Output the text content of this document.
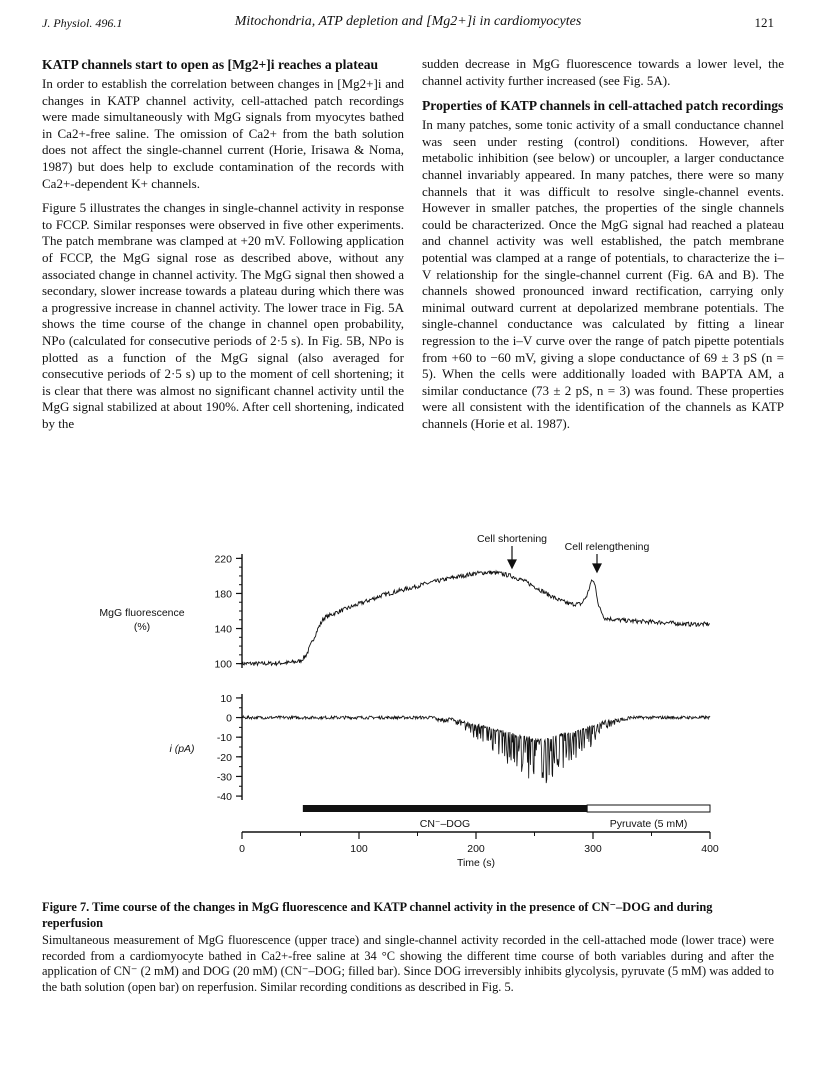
J. Physiol. 496.1	Mitochondria, ATP depletion and [Mg2+]i in cardiomyocytes	121
KATP channels start to open as [Mg2+]i reaches a plateau

In order to establish the correlation between changes in [Mg2+]i and changes in KATP channel activity, cell-attached patch recordings were made simultaneously with MgG signals from myocytes bathed in Ca2+-free saline. The omission of Ca2+ from the bath solution does not affect the single-channel current (Horie, Irisawa & Noma, 1987) but does help to exclude contamination of the records with Ca2+-dependent K+ channels.

Figure 5 illustrates the changes in single-channel activity in response to FCCP. Similar responses were observed in five other experiments. The patch membrane was clamped at +20 mV. Following application of FCCP, the MgG signal rose as described above, without any associated change in channel activity. The MgG signal then showed a secondary, slower increase towards a plateau during which there was a progressive increase in channel activity. The lower trace in Fig. 5A shows the time course of the change in channel open probability, NPo (calculated for consecutive periods of 2·5 s). In Fig. 5B, NPo is plotted as a function of the MgG signal (also averaged for consecutive periods of 2·5 s) up to the moment of cell shortening; it is clear that there was almost no significant channel activity until the MgG signal stabilized at about 190%. After cell shortening, indicated by the

sudden decrease in MgG fluorescence towards a lower level, the channel activity further increased (see Fig. 5A).

Properties of KATP channels in cell-attached patch recordings

In many patches, some tonic activity of a small conductance channel was seen under resting (control) conditions. However, after metabolic inhibition (see below) or uncoupler, a larger conductance channel invariably appeared. In many patches, there were so many channels that it was difficult to resolve single-channel events. However in smaller patches, the properties of the single channels could be characterized. Once the MgG signal had reached a plateau and channel activity was well established, the patch membrane potential was clamped at a range of potentials, to characterize the i–V relationship for the single-channel current (Fig. 6A and B). The channels showed pronounced inward rectification, carrying only minimal outward current at depolarized membrane potentials. The single-channel conductance was calculated by fitting a linear regression to the i–V curve over the range of patch pipette potentials from +60 to −60 mV, giving a slope conductance of 69 ± 3 pS (n = 5). When the cells were additionally loaded with BAPTA AM, a similar conductance (73 ± 2 pS, n = 3) was found. These properties were all consistent with the identification of the channels as KATP channels (Horie et al. 1987).

220
180
140
100
MgG fluorescence
(%)
Cell shortening
Cell relengthening
10
0
-10
-20
-30
-40
i (pA)
CN⁻–DOG	Pyruvate (5 mM)
0	100	200	300	400
Time (s)

Figure 7. Time course of the changes in MgG fluorescence and KATP channel activity in the presence of CN⁻–DOG and during reperfusion

Simultaneous measurement of MgG fluorescence (upper trace) and single-channel activity recorded in the cell-attached mode (lower trace) were recorded from a cardiomyocyte bathed in Ca2+-free saline at 34 °C showing the different time course of both variables during and after the application of CN⁻ (2 mM) and DOG (20 mM) (CN⁻–DOG; filled bar). Since DOG irreversibly inhibits glycolysis, pyruvate (5 mM) was added to the bath solution (open bar) on reperfusion. Similar recording conditions as described in Fig. 5.
